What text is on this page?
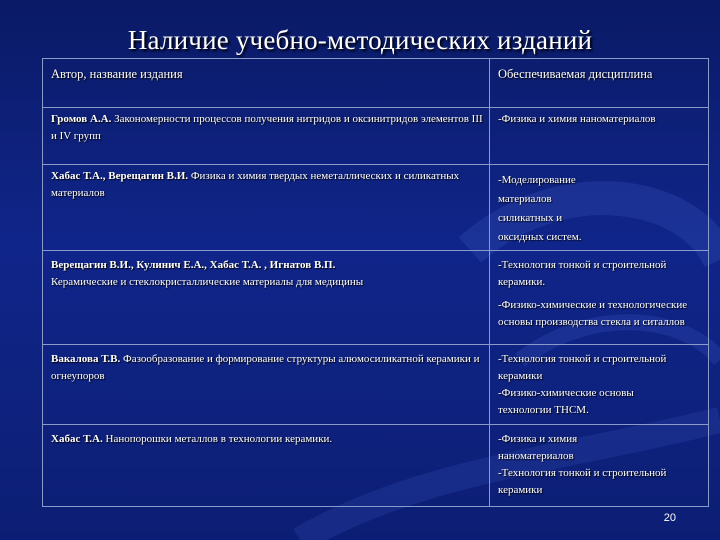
Наличие учебно-методических изданий
Автор, название издания	Обеспечиваемая дисциплина
Громов А.А. Закономерности процессов получения нитридов и оксинитридов элементов III и IV групп	-Физика и химия наноматериалов

Хабас Т.А., Верещагин В.И. Физика и химия твердых неметаллических и силикатных материалов	-Моделирование материалов силикатных и оксидных систем.

Верещагин В.И., Кулинич Е.А., Хабас Т.А. , Игнатов В.П.
Керамические и стеклокристаллические материалы для медицины	-Технология тонкой и строительной керамики.
-Физико-химические и технологические основы производства стекла и ситаллов

Вакалова Т.В. Фазообразование и формирование структуры алюмосиликатной керамики и огнеупоров	-Технология тонкой и строительной керамики
-Физико-химические основы технологии ТНСМ.

Хабас Т.А. Нанопорошки металлов в технологии керамики.	-Физика и химия наноматериалов
-Технология тонкой и строительной керамики
20
